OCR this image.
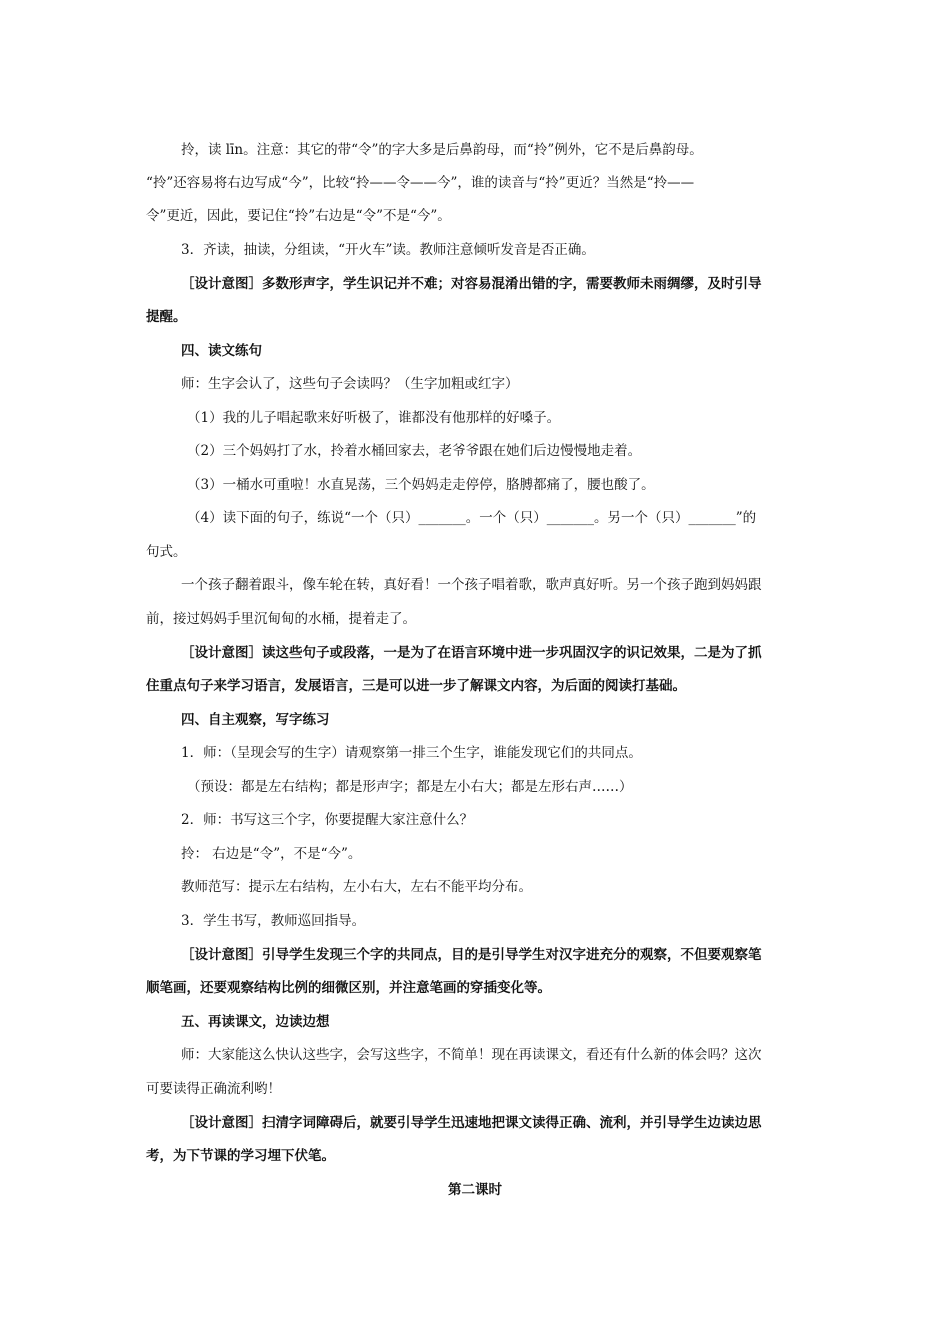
拎，读 līn。注意：其它的带“令”的字大多是后鼻韵母，而“拎”例外，它不是后鼻韵母。
“拎”还容易将右边写成“今”，比较“拎——令——今”，谁的读音与“拎”更近？当然是“拎——
令”更近，因此，要记住“拎”右边是“令”不是“今”。
3．齐读，抽读，分组读，“开火车”读。教师注意倾听发音是否正确。
［设计意图］多数形声字，学生识记并不难；对容易混淆出错的字，需要教师未雨绸缪，及时引导
提醒。
四、读文练句
师：生字会认了，这些句子会读吗？（生字加粗或红字）
（1）我的儿子唱起歌来好听极了，谁都没有他那样的好嗓子。
（2）三个妈妈打了水，拎着水桶回家去，老爷爷跟在她们后边慢慢地走着。
（3）一桶水可重啦！水直晃荡，三个妈妈走走停停，胳膊都痛了，腰也酸了。
（4）读下面的句子，练说“一个（只）_______。一个（只）_______。另一个（只）_______”的
句式。
一个孩子翻着跟斗，像车轮在转，真好看！一个孩子唱着歌，歌声真好听。另一个孩子跑到妈妈跟
前，接过妈妈手里沉甸甸的水桶，提着走了。
［设计意图］读这些句子或段落，一是为了在语言环境中进一步巩固汉字的识记效果，二是为了抓
住重点句子来学习语言，发展语言，三是可以进一步了解课文内容，为后面的阅读打基础。
四、自主观察，写字练习
1．师：（呈现会写的生字）请观察第一排三个生字，谁能发现它们的共同点。
（预设：都是左右结构；都是形声字；都是左小右大；都是左形右声……）
2．师：书写这三个字，你要提醒大家注意什么？
拎： 右边是“令”，不是“今”。
教师范写：提示左右结构，左小右大，左右不能平均分布。
3．学生书写，教师巡回指导。
［设计意图］引导学生发现三个字的共同点，目的是引导学生对汉字进充分的观察，不但要观察笔
顺笔画，还要观察结构比例的细微区别，并注意笔画的穿插变化等。
五、再读课文，边读边想
师：大家能这么快认这些字，会写这些字，不简单！现在再读课文，看还有什么新的体会吗？这次
可要读得正确流利哟！
［设计意图］扫清字词障碍后，就要引导学生迅速地把课文读得正确、流利，并引导学生边读边思
考，为下节课的学习埋下伏笔。
第二课时
